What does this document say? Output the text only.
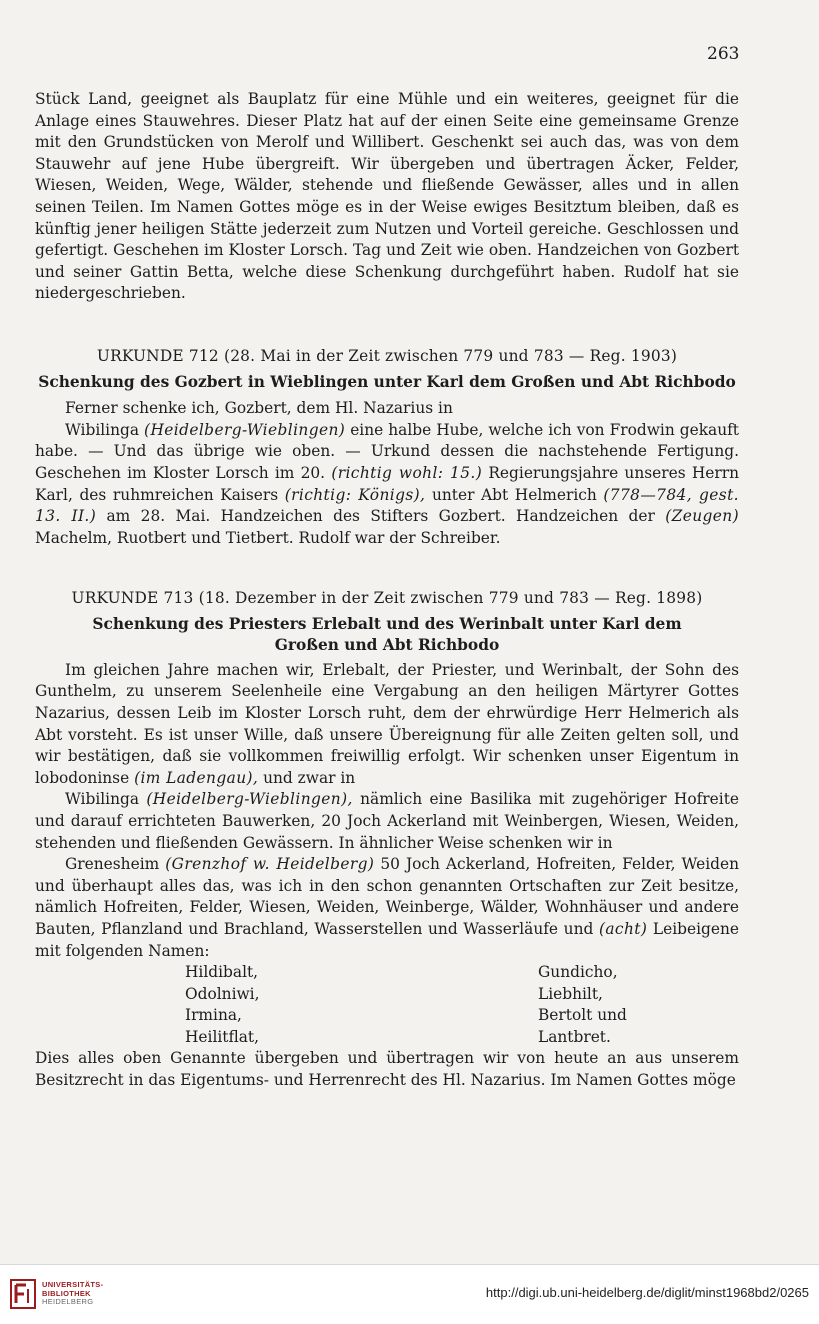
263

Stück Land, geeignet als Bauplatz für eine Mühle und ein weiteres, geeignet für die Anlage eines Stauwehres. Dieser Platz hat auf der einen Seite eine gemeinsame Grenze mit den Grundstücken von Merolf und Willibert. Geschenkt sei auch das, was von dem Stauwehr auf jene Hube übergreift. Wir übergeben und übertragen Äcker, Felder, Wiesen, Weiden, Wege, Wälder, stehende und fließende Gewässer, alles und in allen seinen Teilen. Im Namen Gottes möge es in der Weise ewiges Besitztum bleiben, daß es künftig jener heiligen Stätte jederzeit zum Nutzen und Vorteil gereiche. Geschlossen und gefertigt. Geschehen im Kloster Lorsch. Tag und Zeit wie oben. Handzeichen von Gozbert und seiner Gattin Betta, welche diese Schenkung durchgeführt haben. Rudolf hat sie niedergeschrieben.

URKUNDE 712 (28. Mai in der Zeit zwischen 779 und 783 — Reg. 1903)

Schenkung des Gozbert in Wieblingen unter Karl dem Großen und Abt Richbodo

Ferner schenke ich, Gozbert, dem Hl. Nazarius in

Wibilinga (Heidelberg-Wieblingen) eine halbe Hube, welche ich von Frodwin gekauft habe. — Und das übrige wie oben. — Urkund dessen die nachstehende Fertigung. Geschehen im Kloster Lorsch im 20. (richtig wohl: 15.) Regierungsjahre unseres Herrn Karl, des ruhmreichen Kaisers (richtig: Königs), unter Abt Helmerich (778—784, gest. 13. II.) am 28. Mai. Handzeichen des Stifters Gozbert. Handzeichen der (Zeugen) Machelm, Ruotbert und Tietbert. Rudolf war der Schreiber.

URKUNDE 713 (18. Dezember in der Zeit zwischen 779 und 783 — Reg. 1898)

Schenkung des Priesters Erlebalt und des Werinbalt unter Karl dem

Großen und Abt Richbodo

Im gleichen Jahre machen wir, Erlebalt, der Priester, und Werinbalt, der Sohn des Gunthelm, zu unserem Seelenheile eine Vergabung an den heiligen Märtyrer Gottes Nazarius, dessen Leib im Kloster Lorsch ruht, dem der ehrwürdige Herr Helmerich als Abt vorsteht. Es ist unser Wille, daß unsere Übereignung für alle Zeiten gelten soll, und wir bestätigen, daß sie vollkommen freiwillig erfolgt. Wir schenken unser Eigentum in lobodoninse (im Ladengau), und zwar in

Wibilinga (Heidelberg-Wieblingen), nämlich eine Basilika mit zugehöriger Hofreite und darauf errichteten Bauwerken, 20 Joch Ackerland mit Weinbergen, Wiesen, Weiden, stehenden und fließenden Gewässern. In ähnlicher Weise schenken wir in

Grenesheim (Grenzhof w. Heidelberg) 50 Joch Ackerland, Hofreiten, Felder, Weiden und überhaupt alles das, was ich in den schon genannten Ortschaften zur Zeit besitze, nämlich Hofreiten, Felder, Wiesen, Weiden, Weinberge, Wälder, Wohnhäuser und andere Bauten, Pflanzland und Brachland, Wasserstellen und Wasserläufe und (acht) Leibeigene mit folgenden Namen:

Hildibalt,
Odolniwi,
Irmina,
Heilitflat,
Gundicho,
Liebhilt,
Bertolt und
Lantbret.

Dies alles oben Genannte übergeben und übertragen wir von heute an aus unserem Besitzrecht in das Eigentums- und Herrenrecht des Hl. Nazarius. Im Namen Gottes möge

UNIVERSITÄTS-
BIBLIOTHEK
HEIDELBERG
http://digi.ub.uni-heidelberg.de/diglit/minst1968bd2/0265
